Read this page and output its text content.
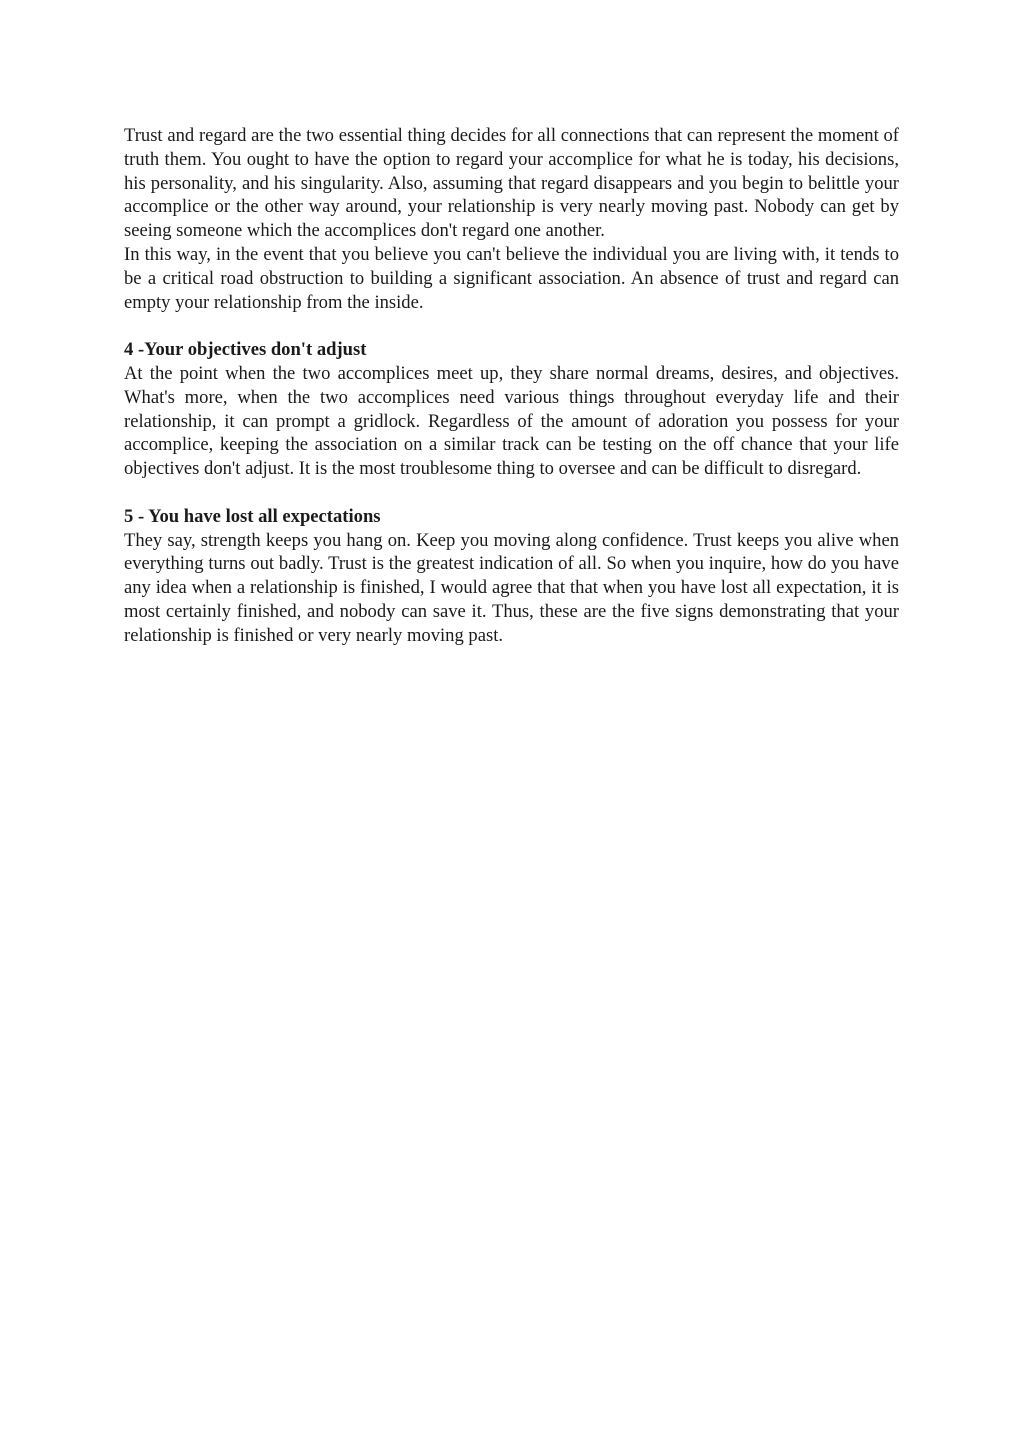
Trust and regard are the two essential thing decides for all connections that can represent the moment of truth them. You ought to have the option to regard your accomplice for what he is today, his decisions, his personality, and his singularity. Also, assuming that regard disappears and you begin to belittle your accomplice or the other way around, your relationship is very nearly moving past. Nobody can get by seeing someone which the accomplices don't regard one another.

In this way, in the event that you believe you can't believe the individual you are living with, it tends to be a critical road obstruction to building a significant association. An absence of trust and regard can empty your relationship from the inside.

4 -Your objectives don't adjust

At the point when the two accomplices meet up, they share normal dreams, desires, and objectives. What's more, when the two accomplices need various things throughout everyday life and their relationship, it can prompt a gridlock. Regardless of the amount of adoration you possess for your accomplice, keeping the association on a similar track can be testing on the off chance that your life objectives don't adjust. It is the most troublesome thing to oversee and can be difficult to disregard.

5 - You have lost all expectations

They say, strength keeps you hang on. Keep you moving along confidence. Trust keeps you alive when everything turns out badly. Trust is the greatest indication of all. So when you inquire, how do you have any idea when a relationship is finished, I would agree that that when you have lost all expectation, it is most certainly finished, and nobody can save it. Thus, these are the five signs demonstrating that your relationship is finished or very nearly moving past.
